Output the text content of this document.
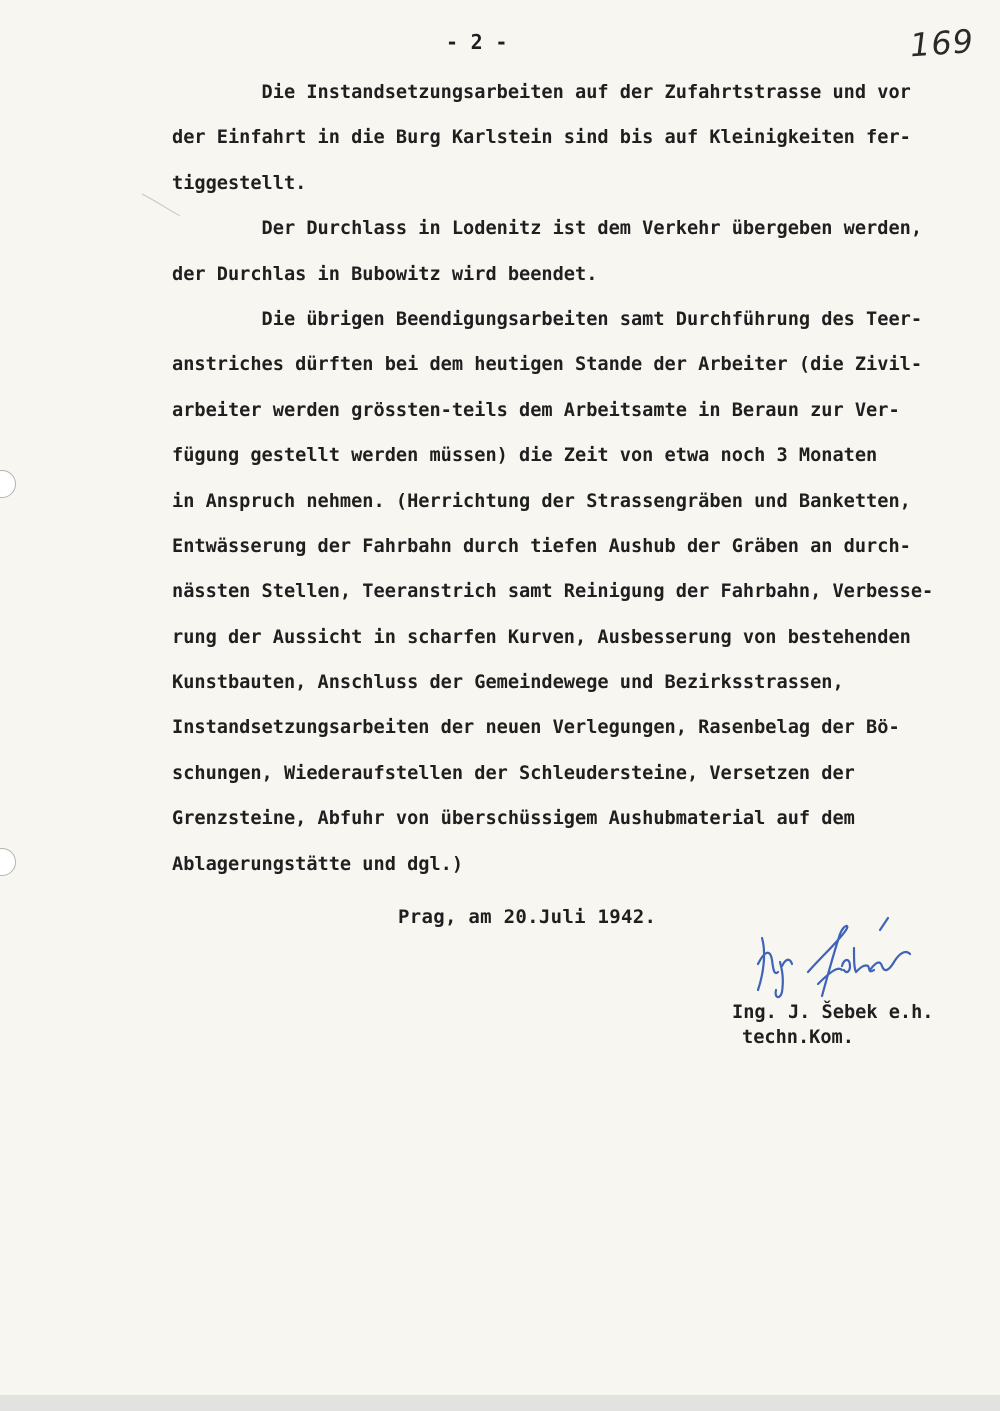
- 2 -	169
Die Instandsetzungsarbeiten auf der Zufahrtstrasse und vor
der Einfahrt in die Burg Karlstein sind bis auf Kleinigkeiten fer-
tiggestellt.
Der Durchlass in Lodenitz ist dem Verkehr übergeben werden,
der Durchlas in Bubowitz wird beendet.
Die übrigen Beendigungsarbeiten samt Durchführung des Teer-
anstriches dürften bei dem heutigen Stande der Arbeiter (die Zivil-
arbeiter werden grössten-teils dem Arbeitsamte in Beraun zur Ver-
fügung gestellt werden müssen) die Zeit von etwa noch 3 Monaten
in Anspruch nehmen. (Herrichtung der Strassengräben und Banketten,
Entwässerung der Fahrbahn durch tiefen Aushub der Gräben an durch-
nässten Stellen, Teeranstrich samt Reinigung der Fahrbahn, Verbesse-
rung der Aussicht in scharfen Kurven, Ausbesserung von bestehenden
Kunstbauten, Anschluss der Gemeindewege und Bezirksstrassen,
Instandsetzungsarbeiten der neuen Verlegungen, Rasenbelag der Bö-
schungen, Wiederaufstellen der Schleudersteine, Versetzen der
Grenzsteine, Abfuhr von überschüssigem Aushubmaterial auf dem
Ablagerungstätte und dgl.)
Prag, am 20.Juli 1942.
Ing. J. Šebek e.h.
techn.Kom.
